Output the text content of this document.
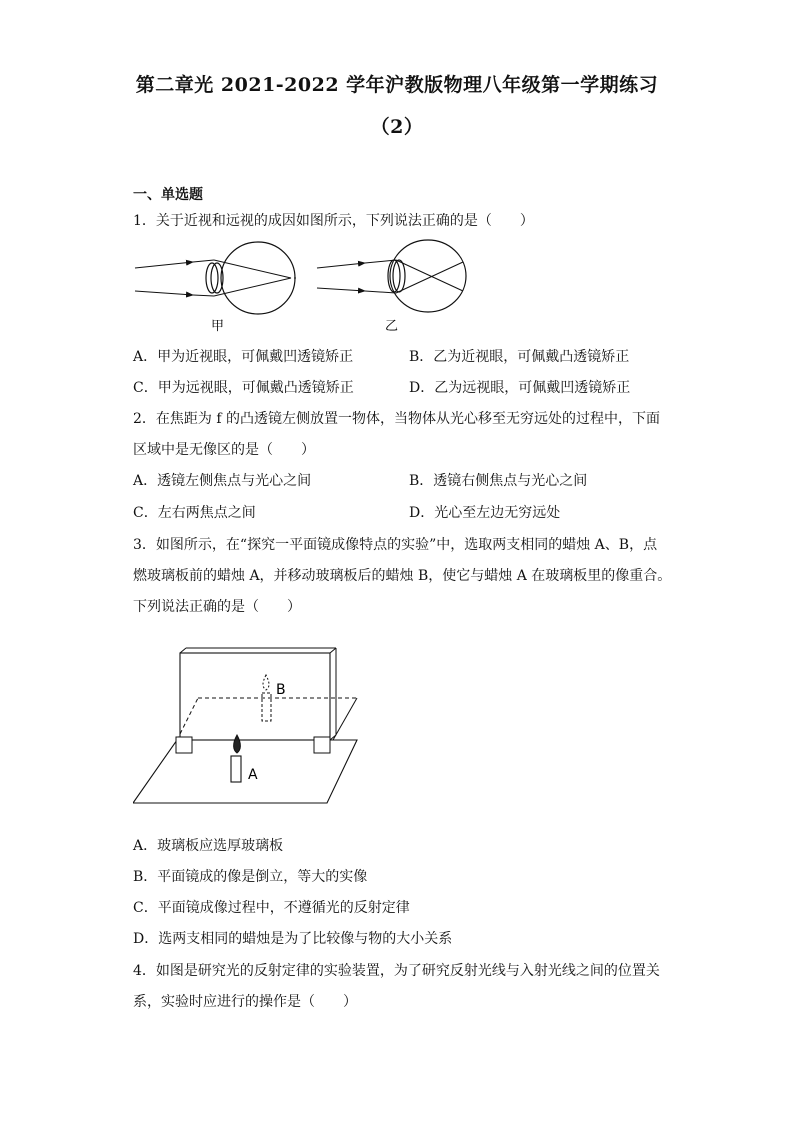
第二章光 2021-2022 学年沪教版物理八年级第一学期练习
（2）
一、单选题
1．关于近视和远视的成因如图所示，下列说法正确的是（　　）
甲	乙
A．甲为近视眼，可佩戴凹透镜矫正	B．乙为近视眼，可佩戴凸透镜矫正
C．甲为远视眼，可佩戴凸透镜矫正	D．乙为远视眼，可佩戴凹透镜矫正
2．在焦距为 f 的凸透镜左侧放置一物体，当物体从光心移至无穷远处的过程中，下面
区域中是无像区的是（　　）
A．透镜左侧焦点与光心之间	B．透镜右侧焦点与光心之间
C．左右两焦点之间	D．光心至左边无穷远处
3．如图所示，在“探究一平面镜成像特点的实验”中，选取两支相同的蜡烛 A、B，点
燃玻璃板前的蜡烛 A，并移动玻璃板后的蜡烛 B，使它与蜡烛 A 在玻璃板里的像重合。
下列说法正确的是（　　）
B
A
A．玻璃板应选厚玻璃板
B．平面镜成的像是倒立，等大的实像
C．平面镜成像过程中，不遵循光的反射定律
D．选两支相同的蜡烛是为了比较像与物的大小关系
4．如图是研究光的反射定律的实验装置，为了研究反射光线与入射光线之间的位置关
系，实验时应进行的操作是（　　）
